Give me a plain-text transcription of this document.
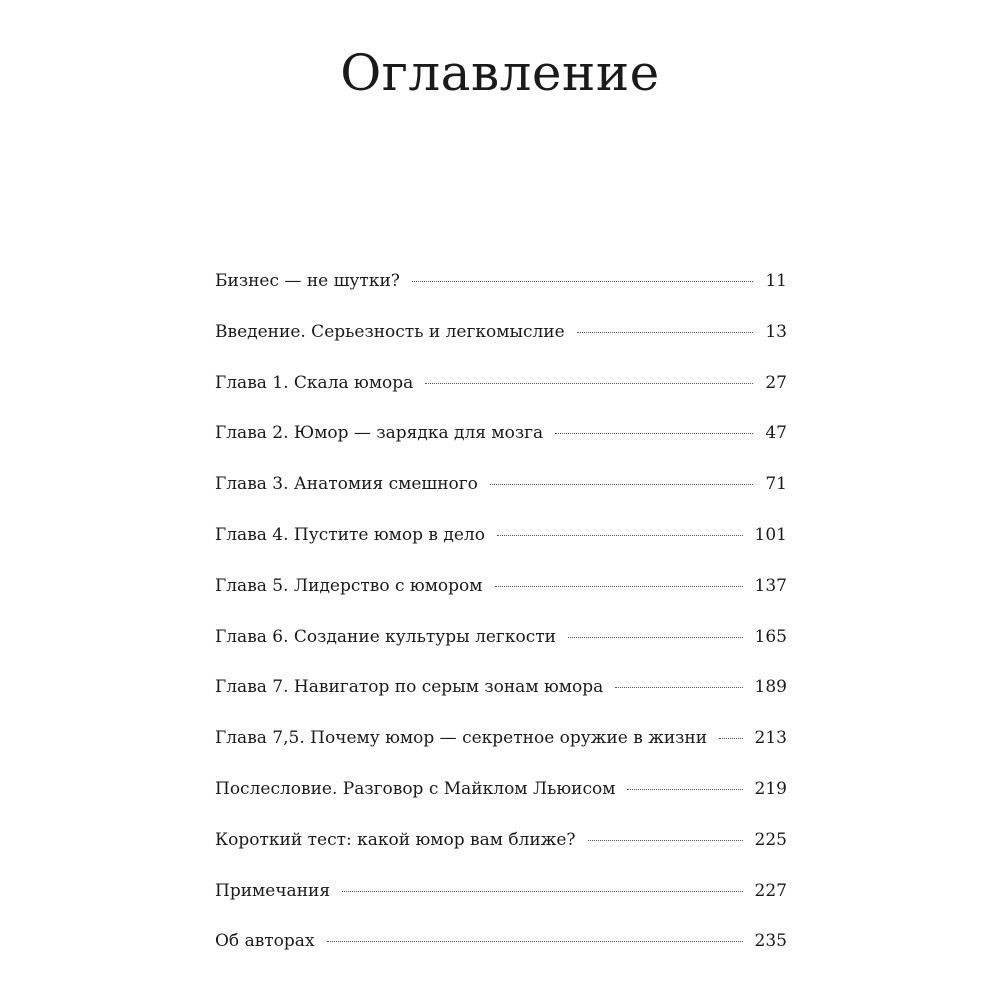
Оглавление
Бизнес — не шутки?	11
Введение. Серьезность и легкомыслие	13
Глава 1. Скала юмора	27
Глава 2. Юмор — зарядка для мозга	47
Глава 3. Анатомия смешного	71
Глава 4. Пустите юмор в дело	101
Глава 5. Лидерство с юмором	137
Глава 6. Создание культуры легкости	165
Глава 7. Навигатор по серым зонам юмора	189
Глава 7,5. Почему юмор — секретное оружие в жизни	213
Послесловие. Разговор с Майклом Льюисом	219
Короткий тест: какой юмор вам ближе?	225
Примечания	227
Об авторах	235
